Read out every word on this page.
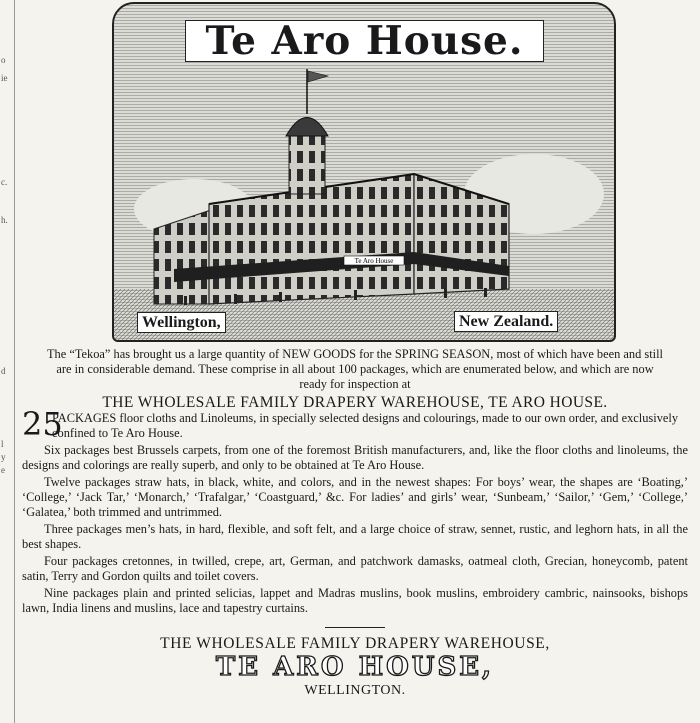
o
ie
c.
h.
d
l
y
e
Te Aro House
Te Aro House.
Wellington,	New Zealand.

The “Tekoa” has brought us a large quantity of NEW GOODS for the SPRING SEASON, most of which have been and still are in considerable demand. These comprise in all about 100 packages, which are enumerated below, and which are now ready for inspection at

THE WHOLESALE FAMILY DRAPERY WAREHOUSE, TE ARO HOUSE.
25
PACKAGES floor cloths and Linoleums, in specially selected designs and colourings, made to our own order, and exclusively confined to Te Aro House.

Six packages best Brussels carpets, from one of the foremost British manufacturers, and, like the floor cloths and linoleums, the designs and colorings are really superb, and only to be obtained at Te Aro House.

Twelve packages straw hats, in black, white, and colors, and in the newest shapes: For boys’ wear, the shapes are ‘Boating,’ ‘College,’ ‘Jack Tar,’ ‘Monarch,’ ‘Trafalgar,’ ‘Coastguard,’ &c. For ladies’ and girls’ wear, ‘Sunbeam,’ ‘Sailor,’ ‘Gem,’ ‘College,’ ‘Galatea,’ both trimmed and untrimmed.

Three packages men’s hats, in hard, flexible, and soft felt, and a large choice of straw, sennet, rustic, and leghorn hats, in all the best shapes.

Four packages cretonnes, in twilled, crepe, art, German, and patchwork damasks, oatmeal cloth, Grecian, honeycomb, patent satin, Terry and Gordon quilts and toilet covers.

Nine packages plain and printed selicias, lappet and Madras muslins, book muslins, embroidery cambric, nainsooks, bishops lawn, India linens and muslins, lace and tapestry curtains.

THE WHOLESALE FAMILY DRAPERY WAREHOUSE,
TE ARO HOUSE,
WELLINGTON.
